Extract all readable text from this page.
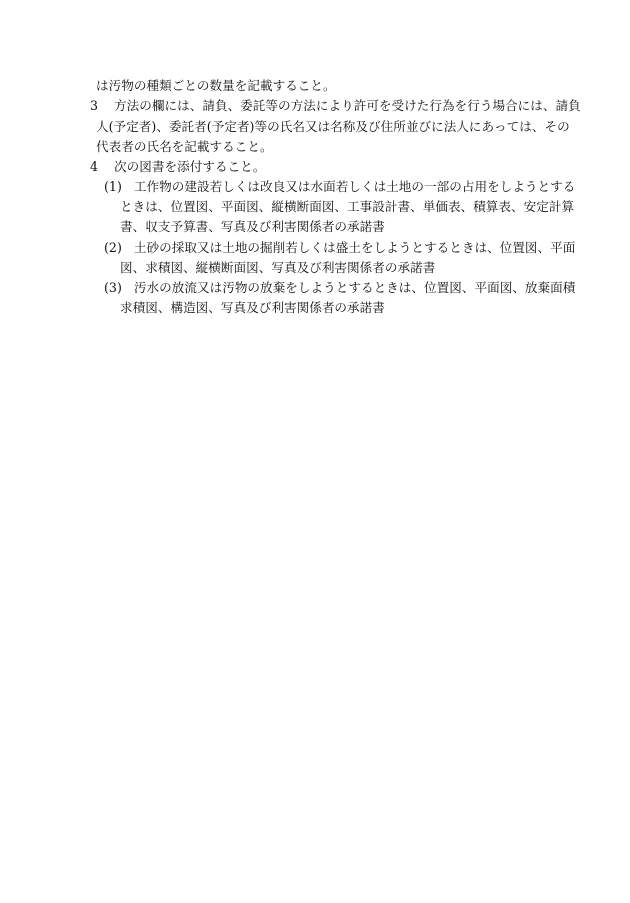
は汚物の種類ごとの数量を記載すること。
3 方法の欄には、請負、委託等の方法により許可を受けた行為を行う場合には、請負
人(予定者)、委託者(予定者)等の氏名又は名称及び住所並びに法人にあっては、その
代表者の氏名を記載すること。
4 次の図書を添付すること。
(1) 工作物の建設若しくは改良又は水面若しくは土地の一部の占用をしようとする
ときは、位置図、平面図、縦横断面図、工事設計書、単価表、積算表、安定計算
書、収支予算書、写真及び利害関係者の承諾書
(2) 土砂の採取又は土地の掘削若しくは盛土をしようとするときは、位置図、平面
図、求積図、縦横断面図、写真及び利害関係者の承諾書
(3) 汚水の放流又は汚物の放棄をしようとするときは、位置図、平面図、放棄面積
求積図、構造図、写真及び利害関係者の承諾書
